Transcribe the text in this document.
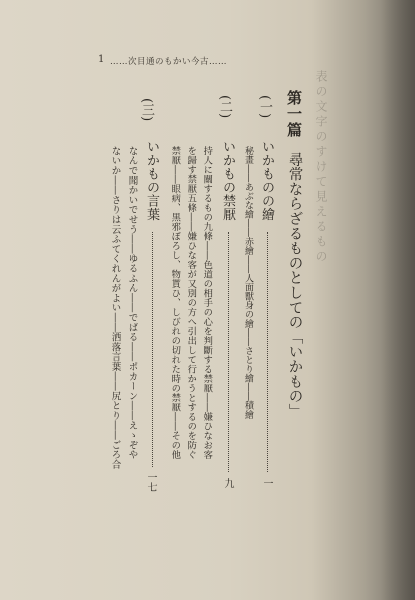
1 ……次目通のもかい今古……
表の文字のすけて見えるもの
第一篇
尋常ならざるものとしての「いかもの」
(一)
いかものの繪
一
秘畫――あぶな繪――赤繪――人面獸身の繪――さとり繪――積繪
(二)
いかもの禁厭
九
持人に關するもの九條――色道の相手の心を判斷する禁厭――嫌ひなお客
を歸す禁厭五條――嫌ひな客が又別の方へ引出して行かうとするのを防ぐ
禁厭――眼病、黒邪ぼろし、物貰ひ、しびれの切れた時の禁厭――その他
(三)
いかもの言葉
一七
なんで聞かいでせう――ゆるふん――でばる――ポカーン――えゝぞや
ないか――さりは云ふてくれんがよい――洒落言葉――尻とり――ごろ合
